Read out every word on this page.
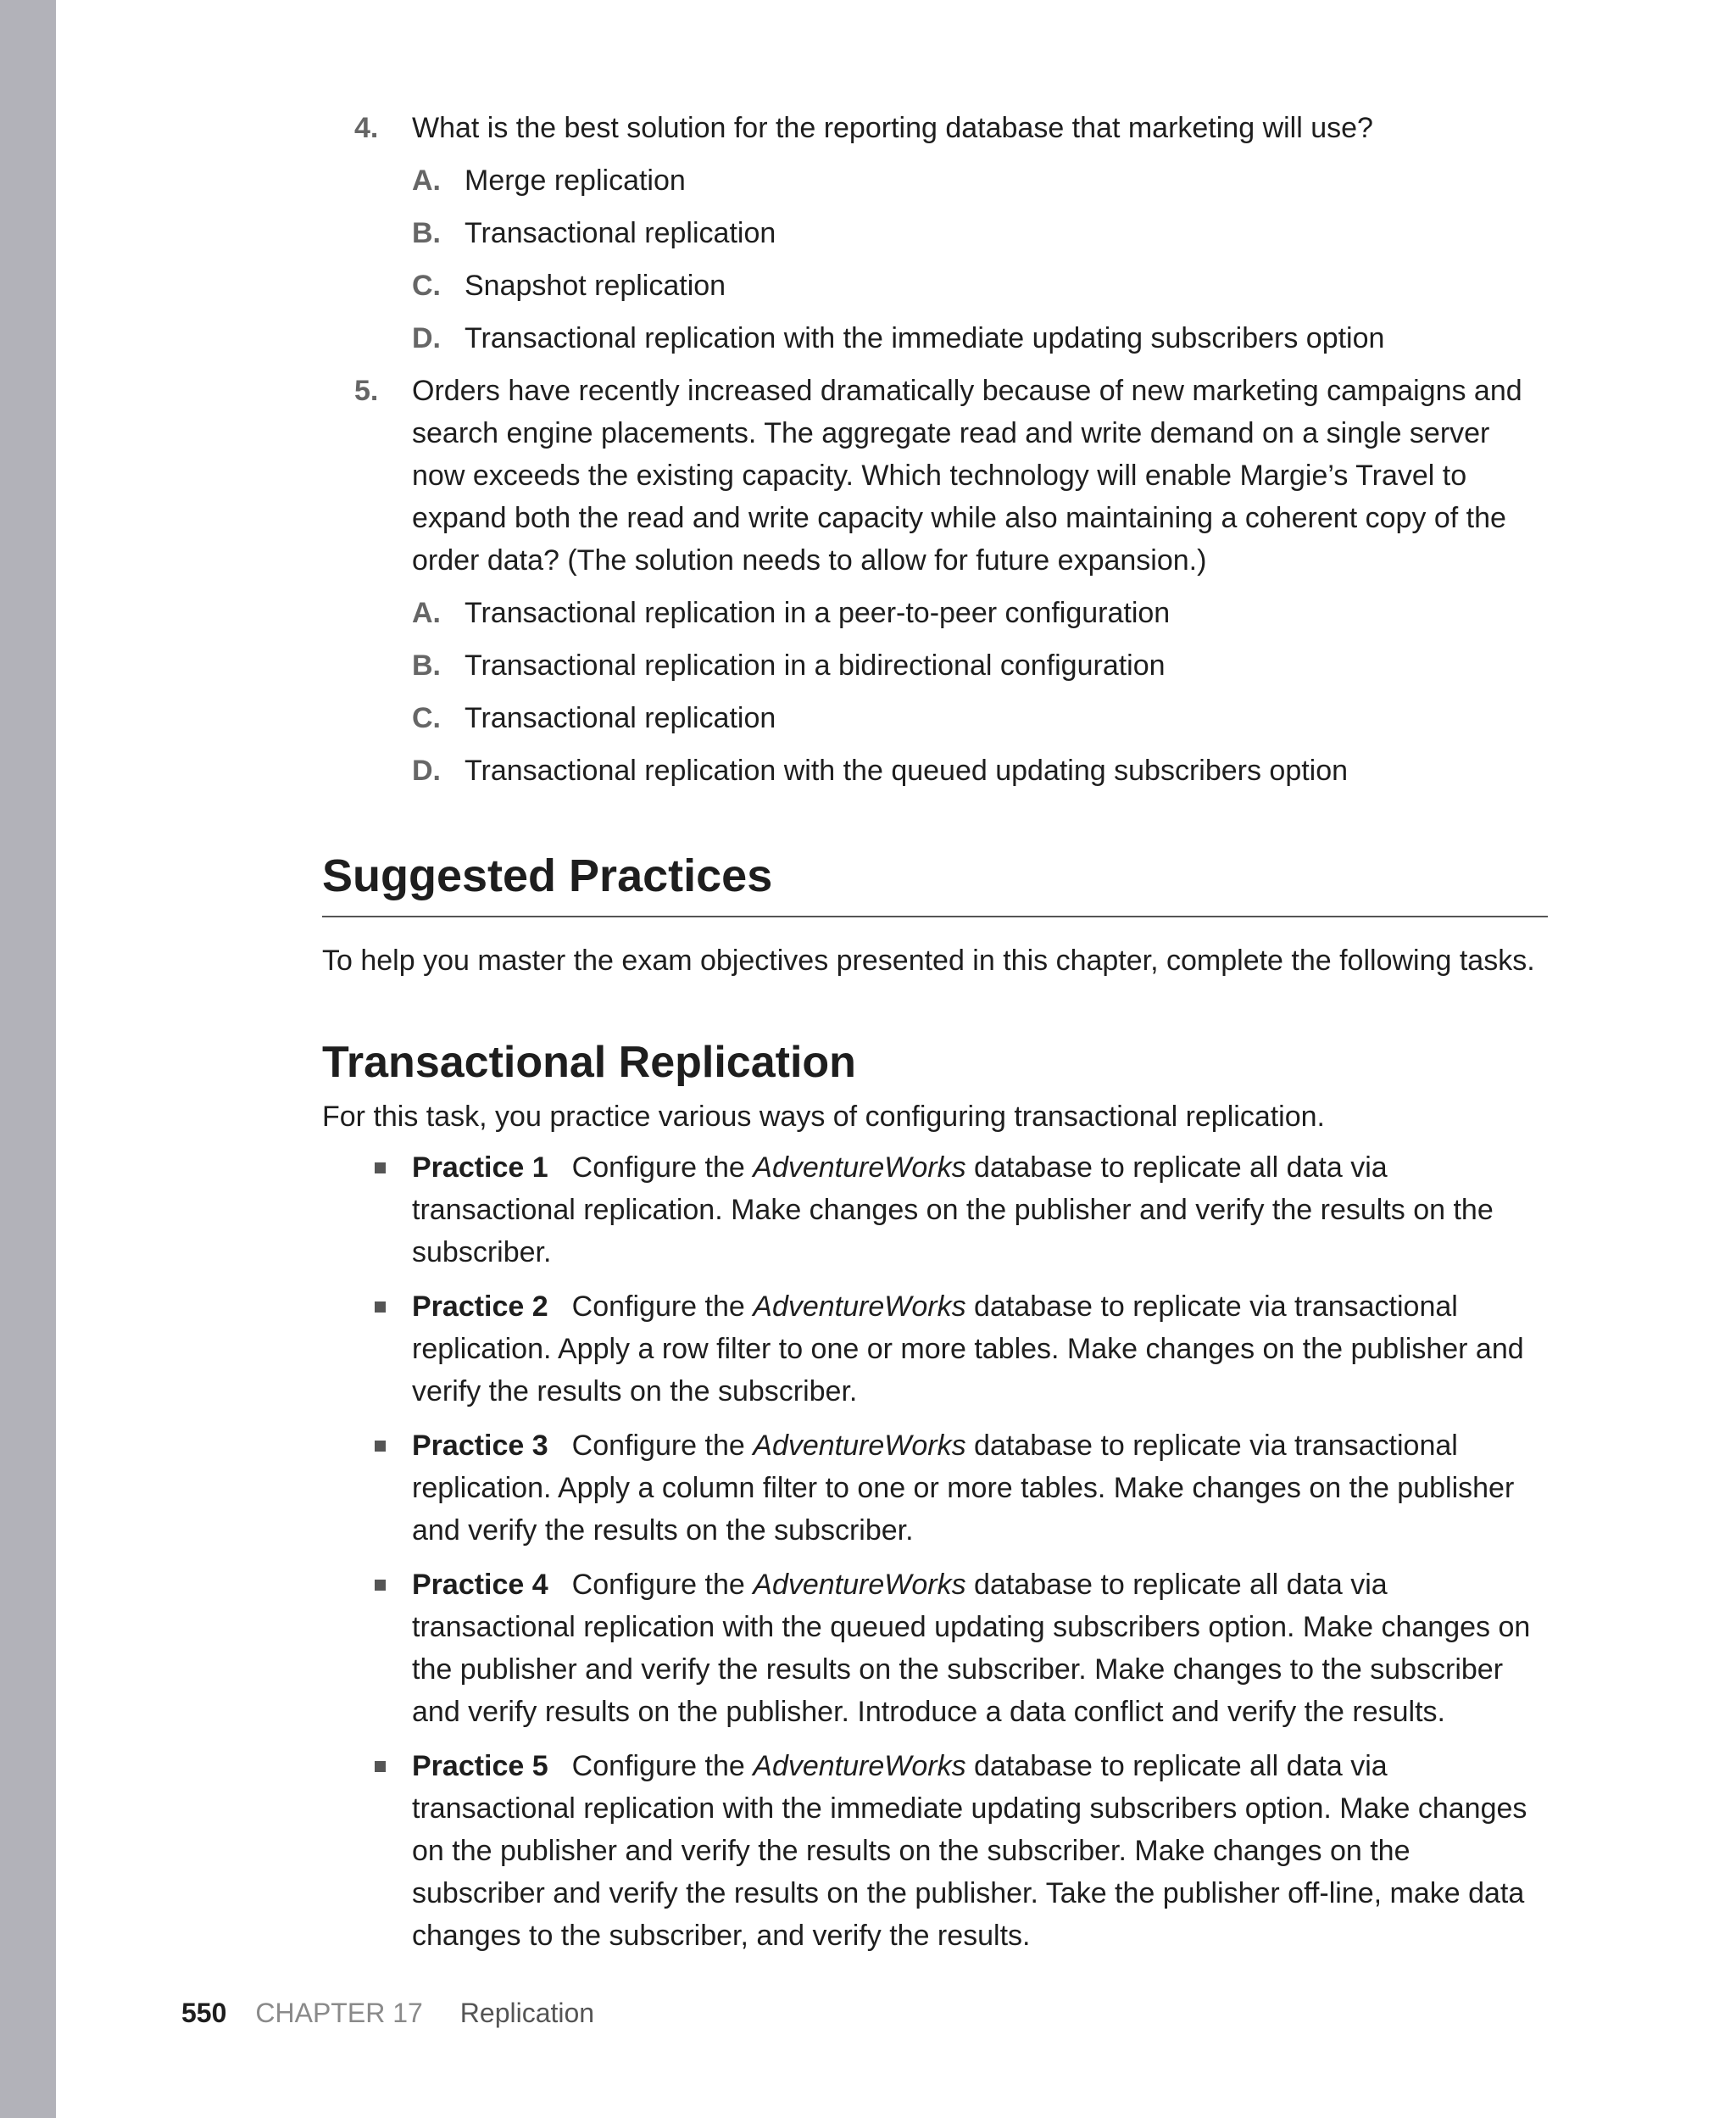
4. What is the best solution for the reporting database that marketing will use?
A. Merge replication
B. Transactional replication
C. Snapshot replication
D. Transactional replication with the immediate updating subscribers option
5. Orders have recently increased dramatically because of new marketing campaigns and search engine placements. The aggregate read and write demand on a single server now exceeds the existing capacity. Which technology will enable Margie’s Travel to expand both the read and write capacity while also maintaining a coherent copy of the order data? (The solution needs to allow for future expansion.)
A. Transactional replication in a peer-to-peer configuration
B. Transactional replication in a bidirectional configuration
C. Transactional replication
D. Transactional replication with the queued updating subscribers option
Suggested Practices
To help you master the exam objectives presented in this chapter, complete the following tasks.
Transactional Replication
For this task, you practice various ways of configuring transactional replication.
Practice 1 Configure the AdventureWorks database to replicate all data via transactional replication. Make changes on the publisher and verify the results on the subscriber.
Practice 2 Configure the AdventureWorks database to replicate via transactional replication. Apply a row filter to one or more tables. Make changes on the publisher and verify the results on the subscriber.
Practice 3 Configure the AdventureWorks database to replicate via transactional replication. Apply a column filter to one or more tables. Make changes on the publisher and verify the results on the subscriber.
Practice 4 Configure the AdventureWorks database to replicate all data via transactional replication with the queued updating subscribers option. Make changes on the publisher and verify the results on the subscriber. Make changes to the subscriber and verify results on the publisher. Introduce a data conflict and verify the results.
Practice 5 Configure the AdventureWorks database to replicate all data via transactional replication with the immediate updating subscribers option. Make changes on the publisher and verify the results on the subscriber. Make changes on the subscriber and verify the results on the publisher. Take the publisher off-line, make data changes to the subscriber, and verify the results.
550 CHAPTER 17 Replication
